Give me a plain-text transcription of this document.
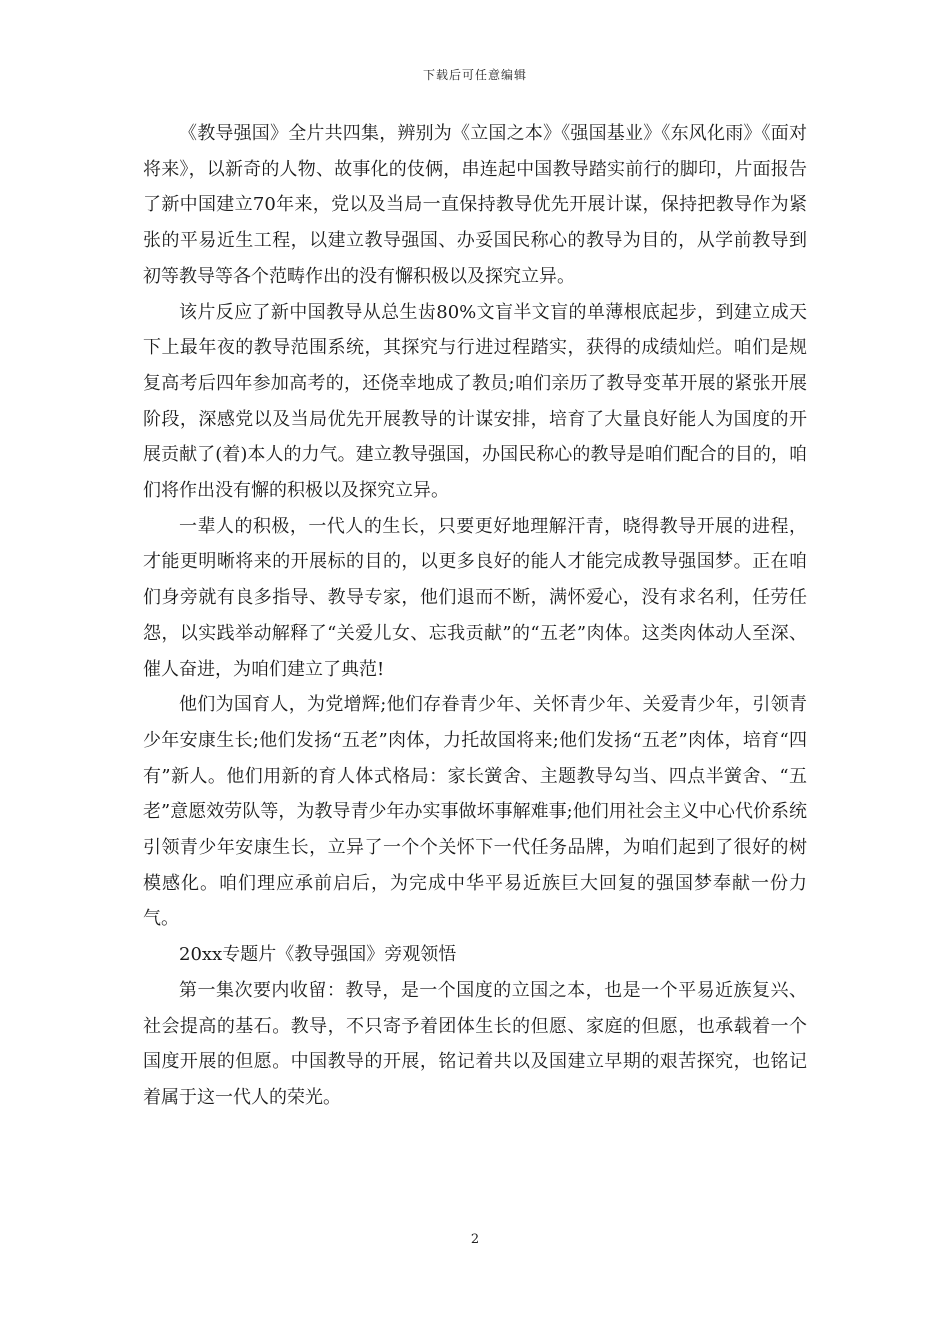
下载后可任意编辑

《教导强国》全片共四集，辨别为《立国之本》《强国基业》《东风化雨》《面对将来》，以新奇的人物、故事化的伎俩，串连起中国教导踏实前行的脚印，片面报告了新中国建立70年来，党以及当局一直保持教导优先开展计谋，保持把教导作为紧张的平易近生工程，以建立教导强国、办妥国民称心的教导为目的，从学前教导到初等教导等各个范畴作出的没有懈积极以及探究立异。

该片反应了新中国教导从总生齿80%文盲半文盲的单薄根底起步，到建立成天下上最年夜的教导范围系统，其探究与行进过程踏实，获得的成绩灿烂。咱们是规复高考后四年参加高考的，还侥幸地成了教员;咱们亲历了教导变革开展的紧张开展阶段，深感党以及当局优先开展教导的计谋安排，培育了大量良好能人为国度的开展贡献了(着)本人的力气。建立教导强国，办国民称心的教导是咱们配合的目的，咱们将作出没有懈的积极以及探究立异。

一辈人的积极，一代人的生长，只要更好地理解汗青，晓得教导开展的进程，才能更明晰将来的开展标的目的，以更多良好的能人才能完成教导强国梦。正在咱们身旁就有良多指导、教导专家，他们退而不断，满怀爱心，没有求名利，任劳任怨，以实践举动解释了“关爱儿女、忘我贡献”的“五老”肉体。这类肉体动人至深、催人奋进，为咱们建立了典范!

他们为国育人，为党增辉;他们存眷青少年、关怀青少年、关爱青少年，引领青少年安康生长;他们发扬“五老”肉体，力托故国将来;他们发扬“五老”肉体，培育“四有”新人。他们用新的育人体式格局：家长黉舍、主题教导勾当、四点半黉舍、“五老”意愿效劳队等，为教导青少年办实事做坏事解难事;他们用社会主义中心代价系统引领青少年安康生长，立异了一个个关怀下一代任务品牌，为咱们起到了很好的树模感化。咱们理应承前启后，为完成中华平易近族巨大回复的强国梦奉献一份力气。

20xx专题片《教导强国》旁观领悟

第一集次要内收留：教导，是一个国度的立国之本，也是一个平易近族复兴、社会提高的基石。教导，不只寄予着团体生长的但愿、家庭的但愿，也承载着一个国度开展的但愿。中国教导的开展，铭记着共以及国建立早期的艰苦探究，也铭记着属于这一代人的荣光。

2
